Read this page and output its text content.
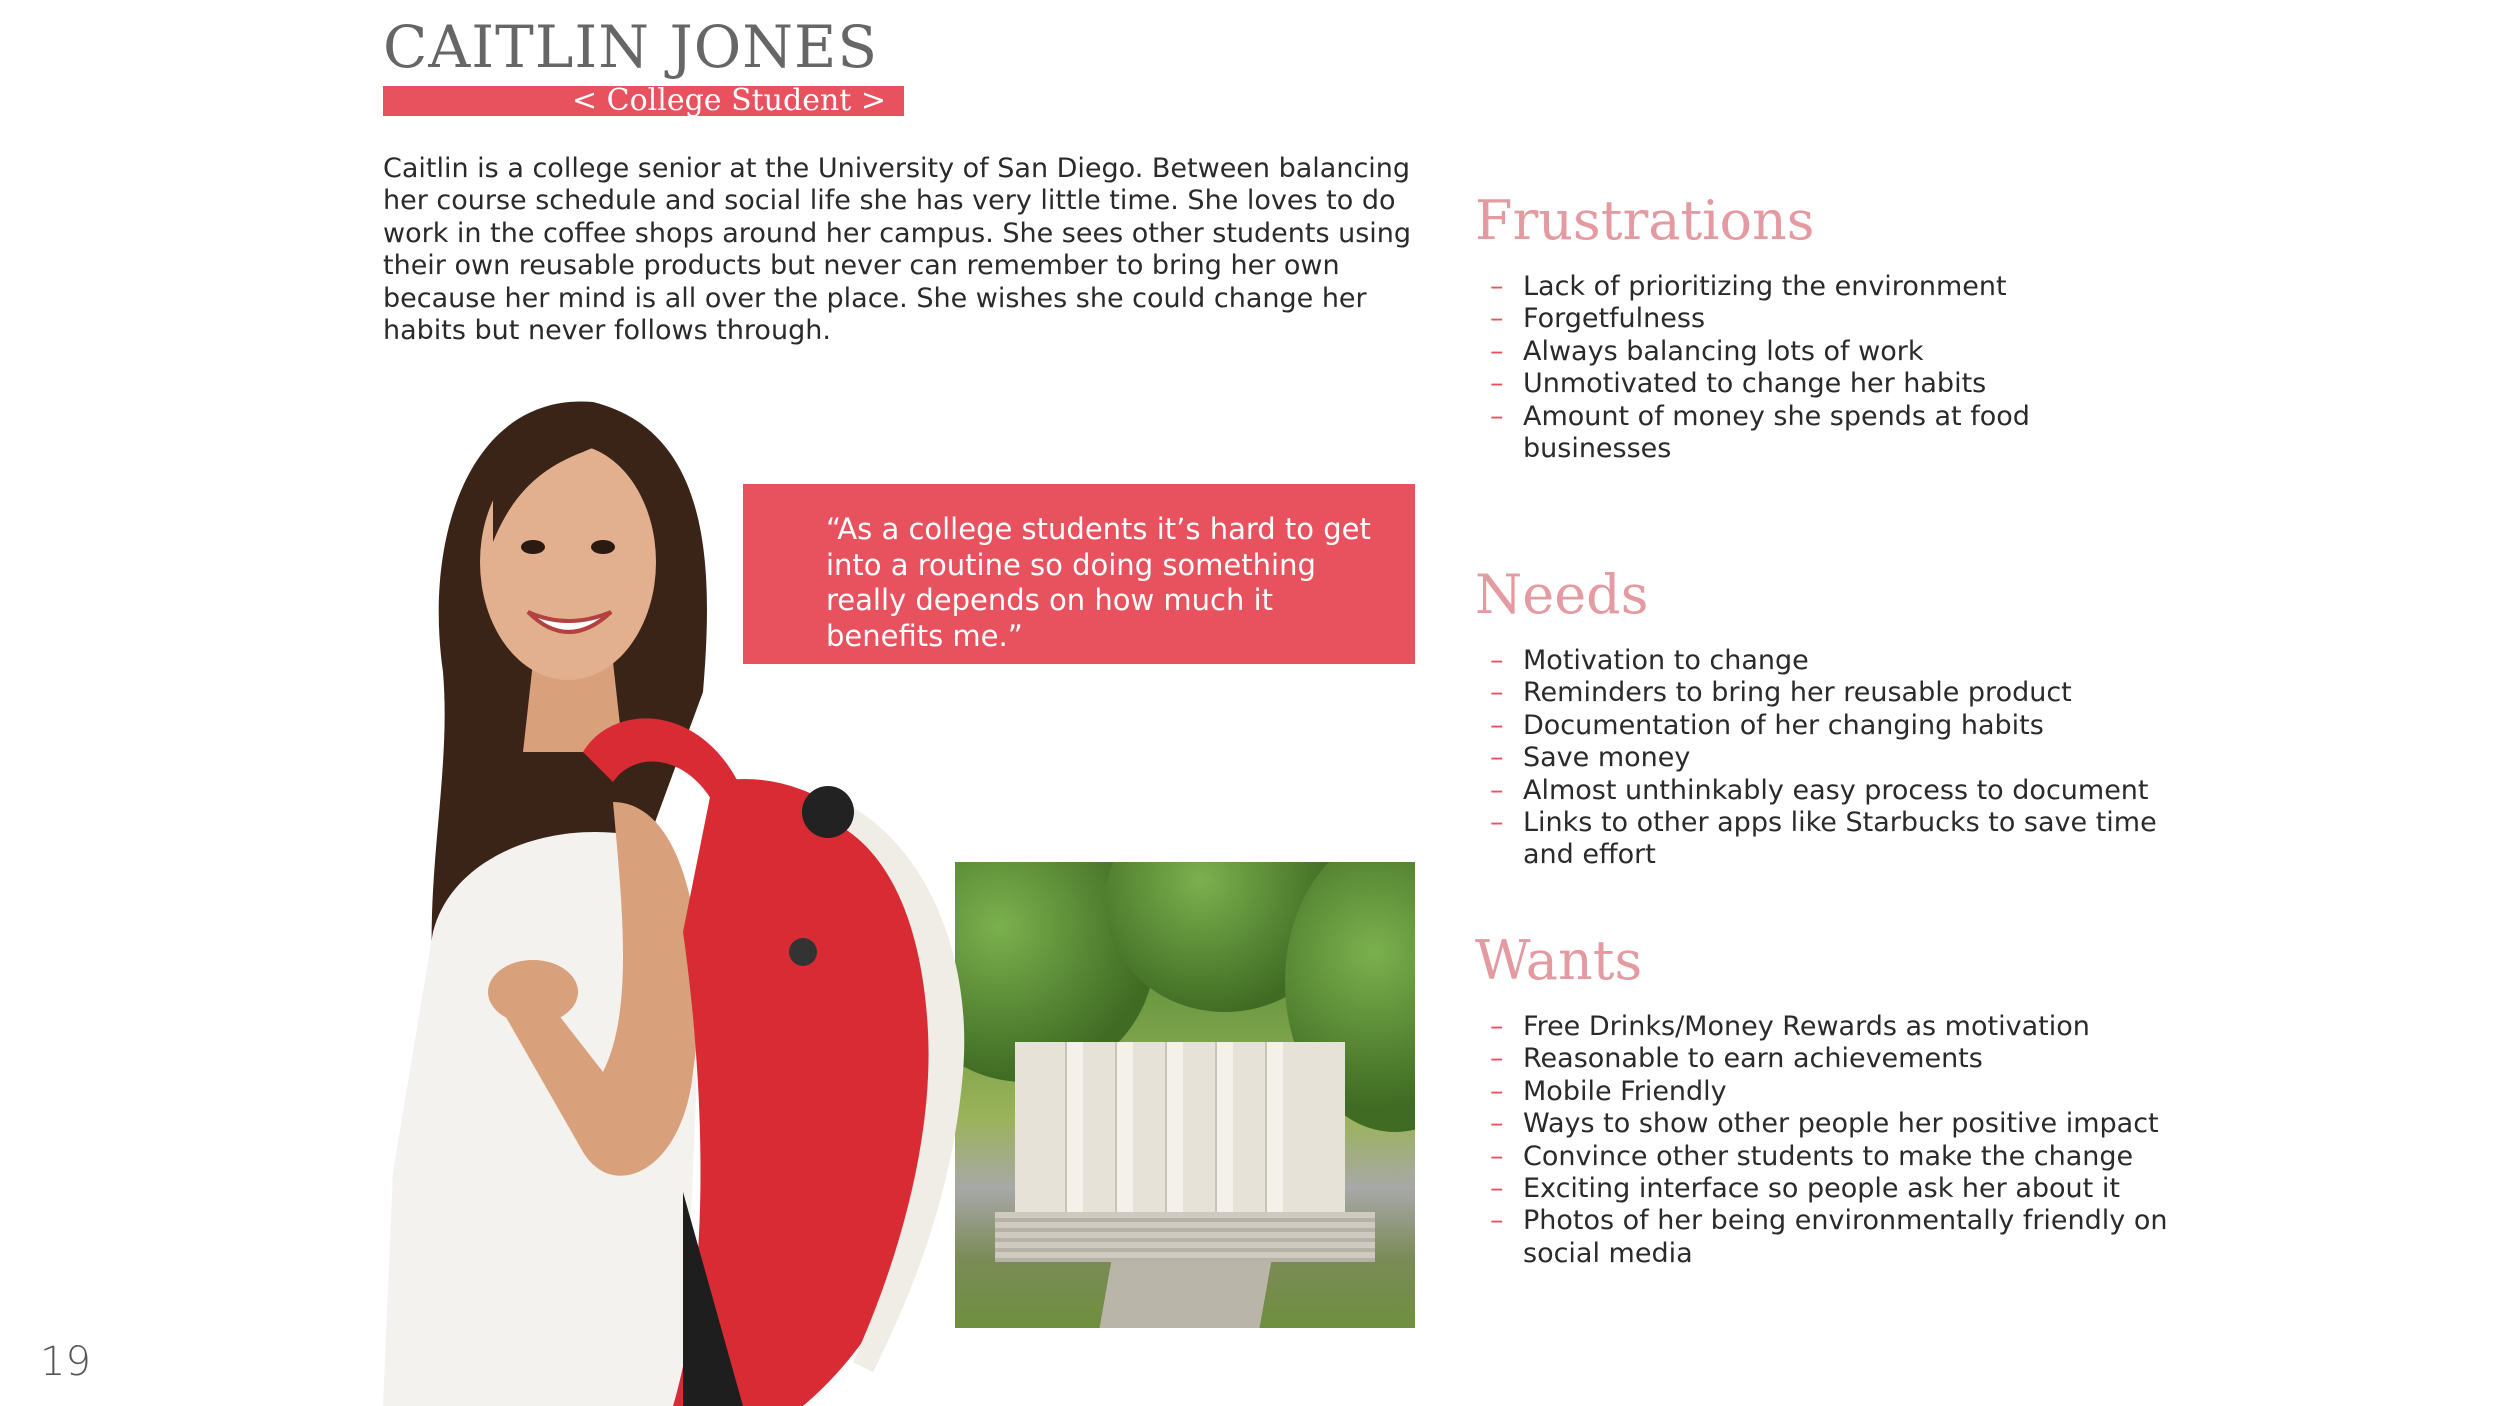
CAITLIN JONES
< College Student >
Caitlin is a college senior at the University of San Diego. Between balancing her course schedule and social life she has very little time. She loves to do work in the coffee shops around her campus. She sees other students using their own reusable products but never can remember to bring her own because her mind is all over the place. She wishes she could change her habits but never follows through.
“As a college students it’s hard to get into a routine so doing something really depends on how much it benefits me.”
Frustrations
– Lack of prioritizing the environment
– Forgetfulness
– Always balancing lots of work
– Unmotivated to change her habits
– Amount of money she spends at food businesses
Needs
– Motivation to change
– Reminders to bring her reusable product
– Documentation of her changing habits
– Save money
– Almost unthinkably easy process to document
– Links to other apps like Starbucks to save time and effort
Wants
– Free Drinks/Money Rewards as motivation
– Reasonable to earn achievements
– Mobile Friendly
– Ways to show other people her positive impact
– Convince other students to make the change
– Exciting interface so people ask her about it
– Photos of her being environmentally friendly on social media
19
